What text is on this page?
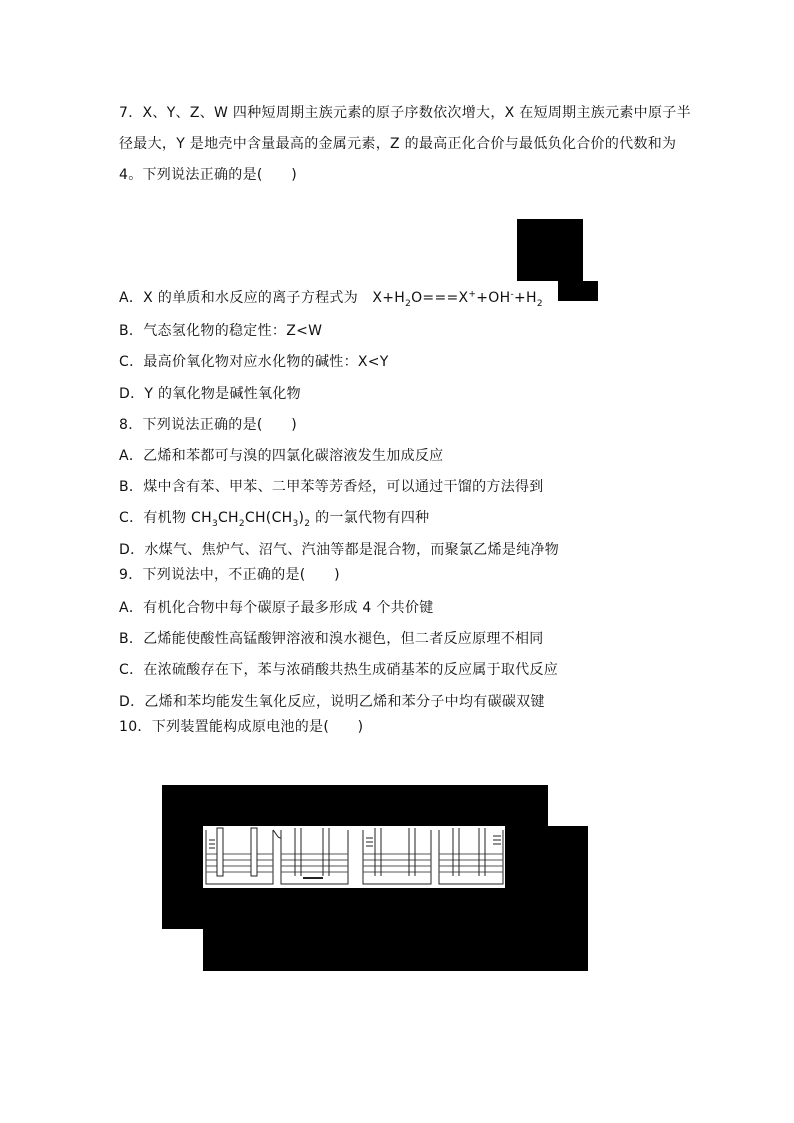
7．X、Y、Z、W 四种短周期主族元素的原子序数依次增大，X 在短周期主族元素中原子半
径最大，Y 是地壳中含量最高的金属元素，Z 的最高正化合价与最低负化合价的代数和为
4。下列说法正确的是(　　)
A．X 的单质和水反应的离子方程式为　$X+H_2O===X^++OH^-+H_2$
B．气态氢化物的稳定性：Z<W
C．最高价氧化物对应水化物的碱性：X<Y
D．Y 的氧化物是碱性氧化物
8．下列说法正确的是(　　)
A．乙烯和苯都可与溴的四氯化碳溶液发生加成反应
B．煤中含有苯、甲苯、二甲苯等芳香烃，可以通过干馏的方法得到
C．有机物 $CH_3CH_2CH(CH_3)_2$ 的一氯代物有四种
D．水煤气、焦炉气、沼气、汽油等都是混合物，而聚氯乙烯是纯净物
9．下列说法中，不正确的是(　　)
A．有机化合物中每个碳原子最多形成 4 个共价键
B．乙烯能使酸性高锰酸钾溶液和溴水褪色，但二者反应原理不相同
C．在浓硫酸存在下，苯与浓硝酸共热生成硝基苯的反应属于取代反应
D．乙烯和苯均能发生氧化反应，说明乙烯和苯分子中均有碳碳双键
10．下列装置能构成原电池的是(　　)
